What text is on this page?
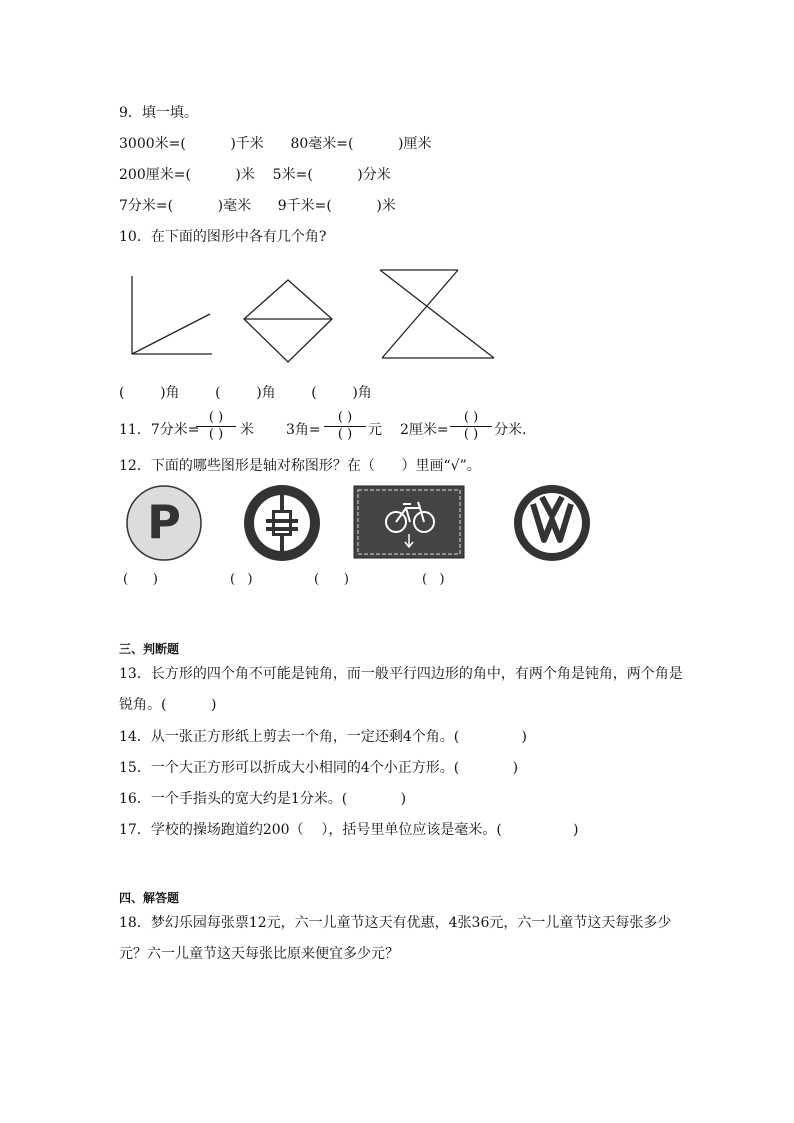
9．填一填。
3000米=(          )千米      80毫米=(          )厘米
200厘米=(          )米    5米=(          )分米
7分米=(          )毫米      9千米=(          )米
10．在下面的图形中各有几个角?
(        )角        (        )角        (        )角
11．7分米=
( )
( )	米 3角=
( )
( )	元 2厘米=
( )
( )	分米.
12．下面的哪些图形是轴对称图形？在（      ）里画“√”。
P
(      )	(   )	(      )	(   )
三、判断题
13．长方形的四个角不可能是钝角，而一般平行四边形的角中，有两个角是钝角，两个角是
锐角。(          )
14．从一张正方形纸上剪去一个角，一定还剩4个角。(              )
15．一个大正方形可以折成大小相同的4个小正方形。(            )
16．一个手指头的宽大约是1分米。(            )
17．学校的操场跑道约200（    ），括号里单位应该是毫米。(                )
四、解答题
18．梦幻乐园每张票12元，六一儿童节这天有优惠，4张36元，六一儿童节这天每张多少
元？六一儿童节这天每张比原来便宜多少元？
